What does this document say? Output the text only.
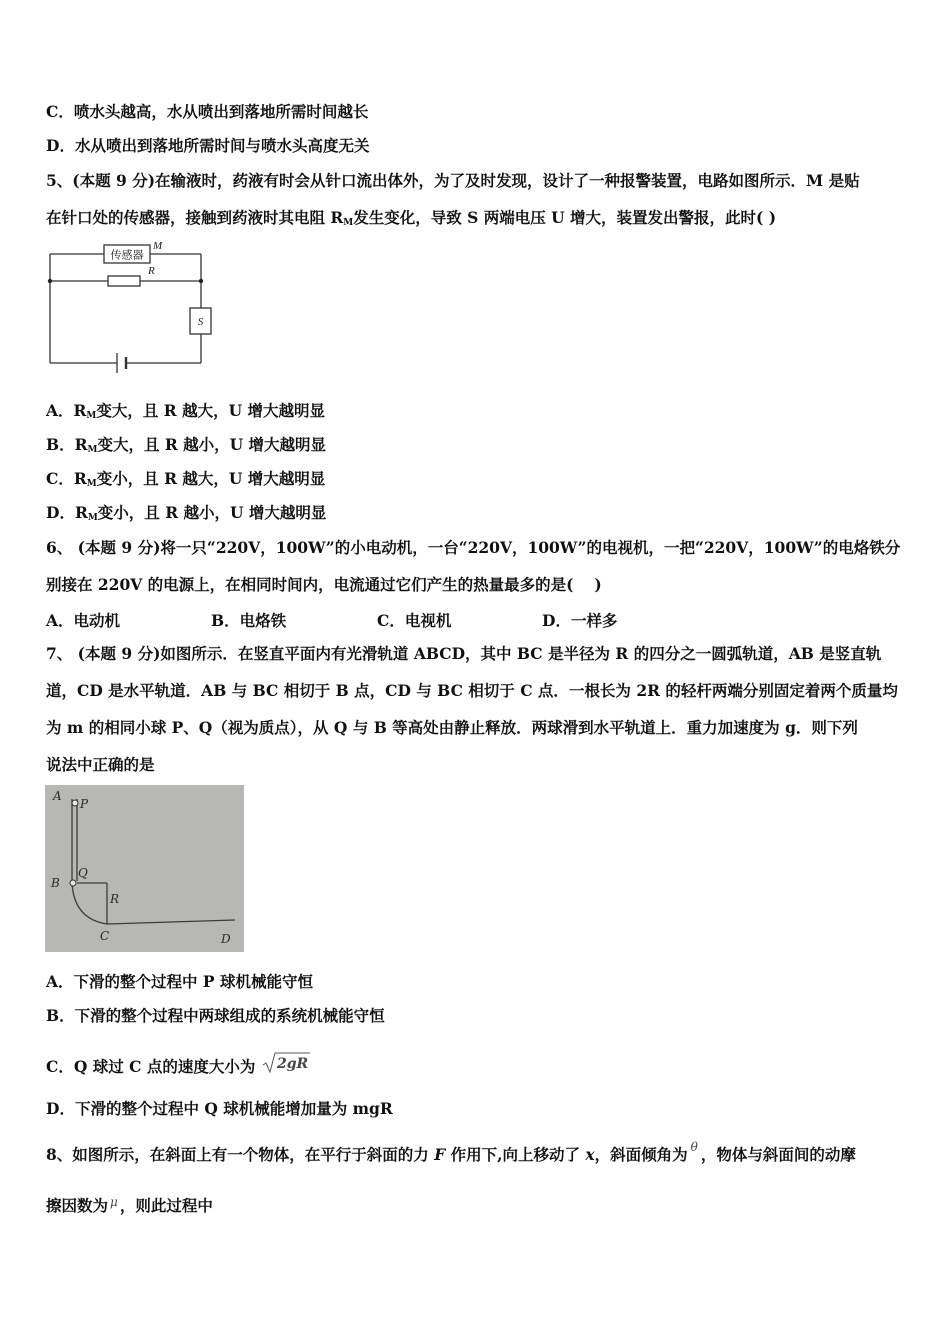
C．喷水头越高，水从喷出到落地所需时间越长
D．水从喷出到落地所需时间与喷水头高度无关
5、(本题 9 分)在输液时，药液有时会从针口流出体外，为了及时发现，设计了一种报警装置，电路如图所示．M 是贴
在针口处的传感器，接触到药液时其电阻 $R_M$发生变化，导致 S 两端电压 U 增大，装置发出警报，此时( )
传感器
M
R
S
A．$R_M$变大，且 R 越大，U 增大越明显
B．$R_M$变大，且 R 越小，U 增大越明显
C．$R_M$变小，且 R 越大，U 增大越明显
D．$R_M$变小，且 R 越小，U 增大越明显
6、 (本题 9 分)将一只“220V，100W”的小电动机，一台“220V，100W”的电视机，一把“220V，100W”的电烙铁分
别接在 220V 的电源上，在相同时间内，电流通过它们产生的热量最多的是(　 )
A．电动机	B．电烙铁	C．电视机	D．一样多
7、 (本题 9 分)如图所示．在竖直平面内有光滑轨道 ABCD，其中 BC 是半径为 R 的四分之一圆弧轨道，AB 是竖直轨
道，CD 是水平轨道．AB 与 BC 相切于 B 点，CD 与 BC 相切于 C 点．一根长为 2R 的轻杆两端分别固定着两个质量均
为 m 的相同小球 P、Q（视为质点），从 Q 与 B 等高处由静止释放．两球滑到水平轨道上．重力加速度为 g．则下列
说法中正确的是
A
P
Q
B
R
C	D
A．下滑的整个过程中 P 球机械能守恒
B．下滑的整个过程中两球组成的系统机械能守恒
C．Q 球过 C 点的速度大小为 2gR
D．下滑的整个过程中 Q 球机械能增加量为 mgR
8、如图所示，在斜面上有一个物体，在平行于斜面的力 F 作用下,向上移动了 x，斜面倾角为 $^\theta$ ，物体与斜面间的动摩
擦因数为 $^\mu$ ，则此过程中
